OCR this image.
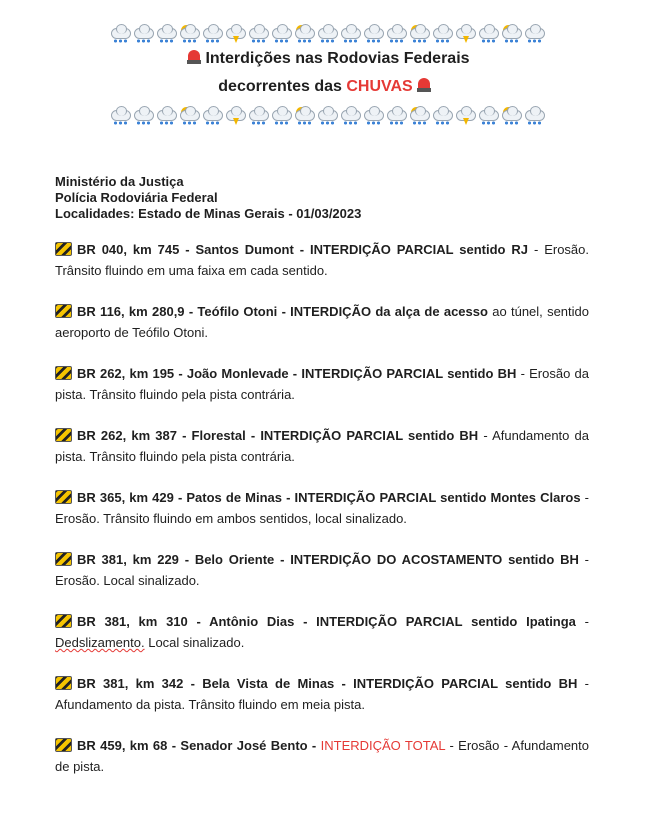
Interdições nas Rodovias Federais
decorrentes das CHUVAS
Ministério da Justiça
Polícia Rodoviária Federal
Localidades: Estado de Minas Gerais - 01/03/2023
BR 040, km 745 - Santos Dumont - INTERDIÇÃO PARCIAL sentido RJ - Erosão. Trânsito fluindo em uma faixa em cada sentido.
BR 116, km 280,9 - Teófilo Otoni - INTERDIÇÃO da alça de acesso ao túnel, sentido aeroporto de Teófilo Otoni.
BR 262, km 195 - João Monlevade - INTERDIÇÃO PARCIAL sentido BH - Erosão da pista. Trânsito fluindo pela pista contrária.
BR 262, km 387 - Florestal - INTERDIÇÃO PARCIAL sentido BH - Afundamento da pista. Trânsito fluindo pela pista contrária.
BR 365, km 429 - Patos de Minas - INTERDIÇÃO PARCIAL sentido Montes Claros - Erosão. Trânsito fluindo em ambos sentidos, local sinalizado.
BR 381, km 229 - Belo Oriente - INTERDIÇÃO DO ACOSTAMENTO sentido BH - Erosão. Local sinalizado.
BR 381, km 310 - Antônio Dias - INTERDIÇÃO PARCIAL sentido Ipatinga - Dedslizamento. Local sinalizado.
BR 381, km 342 - Bela Vista de Minas - INTERDIÇÃO PARCIAL sentido BH - Afundamento da pista. Trânsito fluindo em meia pista.
BR 459, km 68 - Senador José Bento - INTERDIÇÃO TOTAL - Erosão - Afundamento de pista.
